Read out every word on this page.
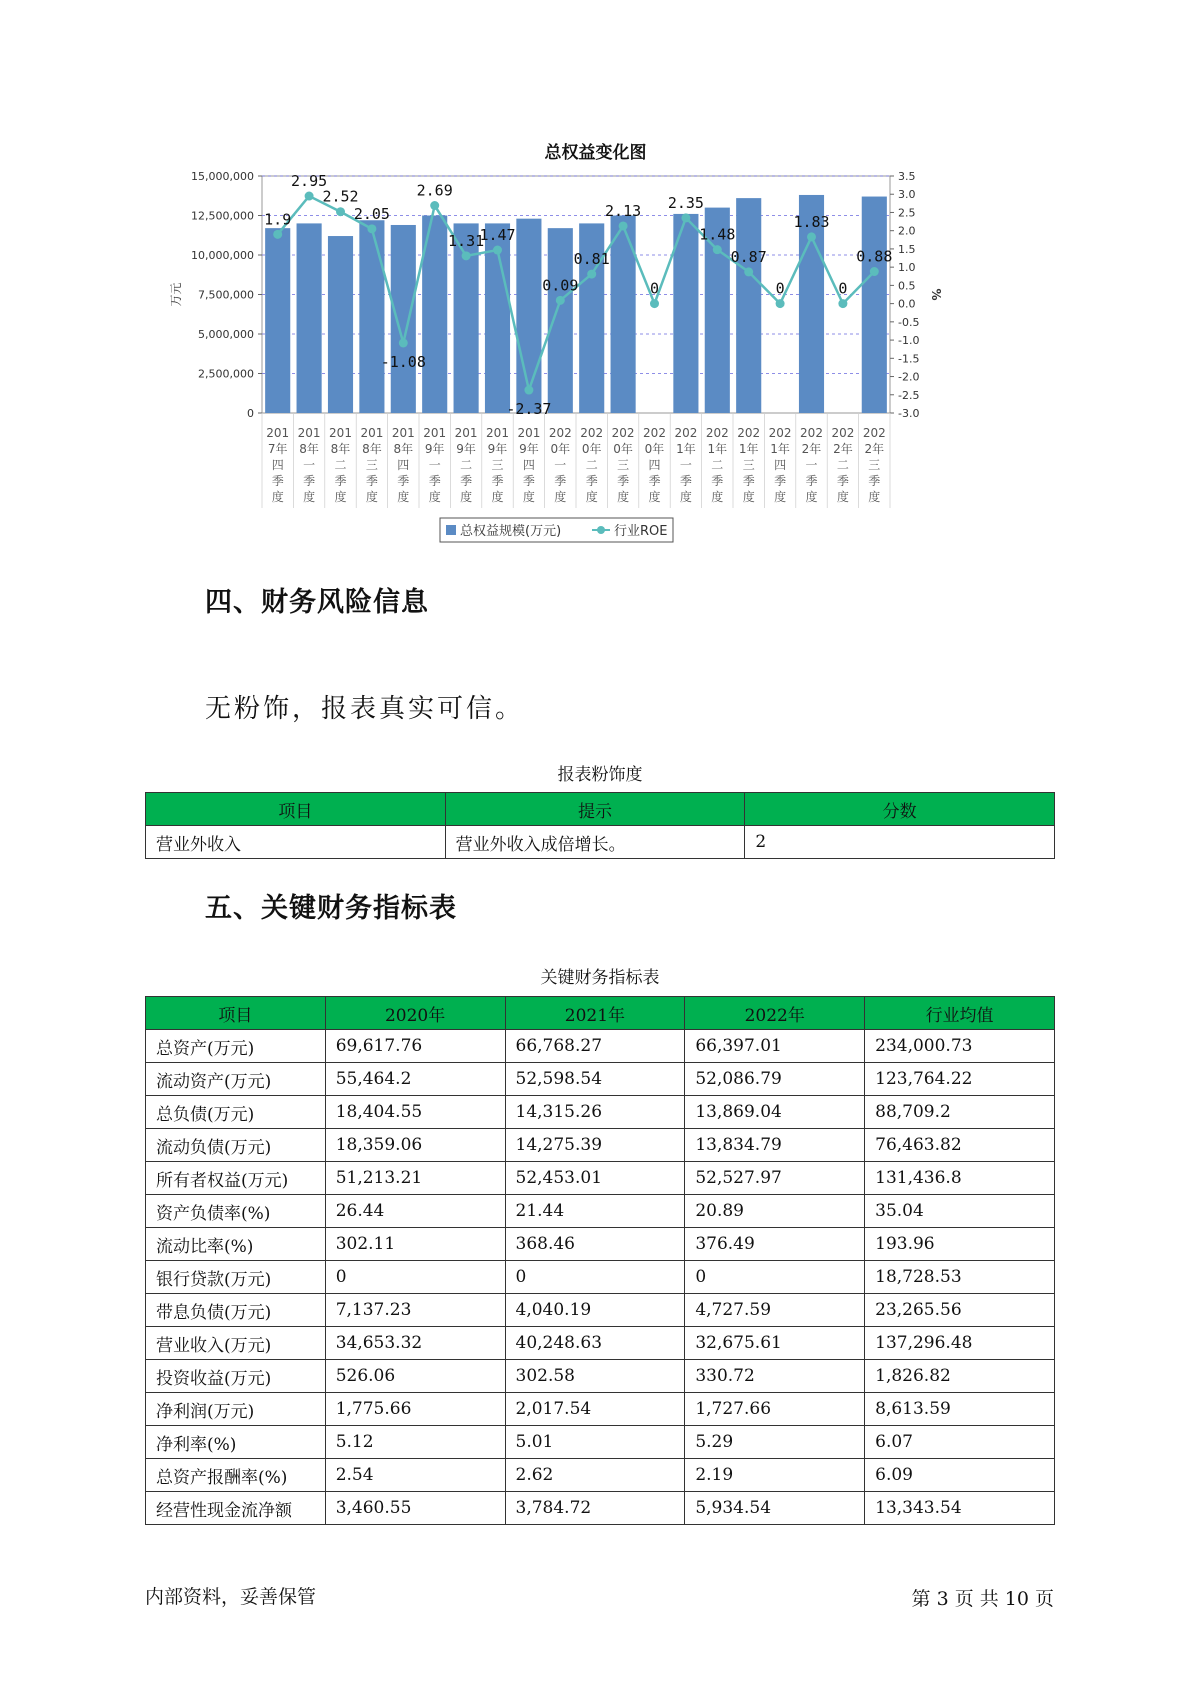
总权益变化图
0
2,500,000
5,000,000
7,500,000
10,000,000
12,500,000
15,000,000
-3.0
-2.5
-2.0
-1.5
-1.0
-0.5
0.0
0.5
1.0
1.5
2.0
2.5
3.0
3.5
万元	%
1.9
2.95
2.52
2.05
-1.08
2.69
1.31
1.47
-2.37
0.09
0.81
2.13
0
2.35
1.48
0.87
0
1.83
0
0.88
201
7年
四
季
度
201
8年
一
季
度
201
8年
二
季
度
201
8年
三
季
度
201
8年
四
季
度
201
9年
一
季
度
201
9年
二
季
度
201
9年
三
季
度
201
9年
四
季
度
202
0年
一
季
度
202
0年
二
季
度
202
0年
三
季
度
202
0年
四
季
度
202
1年
一
季
度
202
1年
二
季
度
202
1年
三
季
度
202
1年
四
季
度
202
2年
一
季
度
202
2年
二
季
度
202
2年
三
季
度
总权益规模(万元)	行业ROE
四、财务风险信息
无粉饰，报表真实可信。
报表粉饰度
项目	提示	分数
营业外收入	营业外收入成倍增长。	2
五、关键财务指标表
关键财务指标表
项目	2020年	2021年	2022年	行业均值
总资产(万元)	69,617.76	66,768.27	66,397.01	234,000.73
流动资产(万元)	55,464.2	52,598.54	52,086.79	123,764.22
总负债(万元)	18,404.55	14,315.26	13,869.04	88,709.2
流动负债(万元)	18,359.06	14,275.39	13,834.79	76,463.82
所有者权益(万元)	51,213.21	52,453.01	52,527.97	131,436.8
资产负债率(%)	26.44	21.44	20.89	35.04
流动比率(%)	302.11	368.46	376.49	193.96
银行贷款(万元)	0	0	0	18,728.53
带息负债(万元)	7,137.23	4,040.19	4,727.59	23,265.56
营业收入(万元)	34,653.32	40,248.63	32,675.61	137,296.48
投资收益(万元)	526.06	302.58	330.72	1,826.82
净利润(万元)	1,775.66	2,017.54	1,727.66	8,613.59
净利率(%)	5.12	5.01	5.29	6.07
总资产报酬率(%)	2.54	2.62	2.19	6.09
经营性现金流净额	3,460.55	3,784.72	5,934.54	13,343.54
内部资料，妥善保管	第 3 页 共 10 页
